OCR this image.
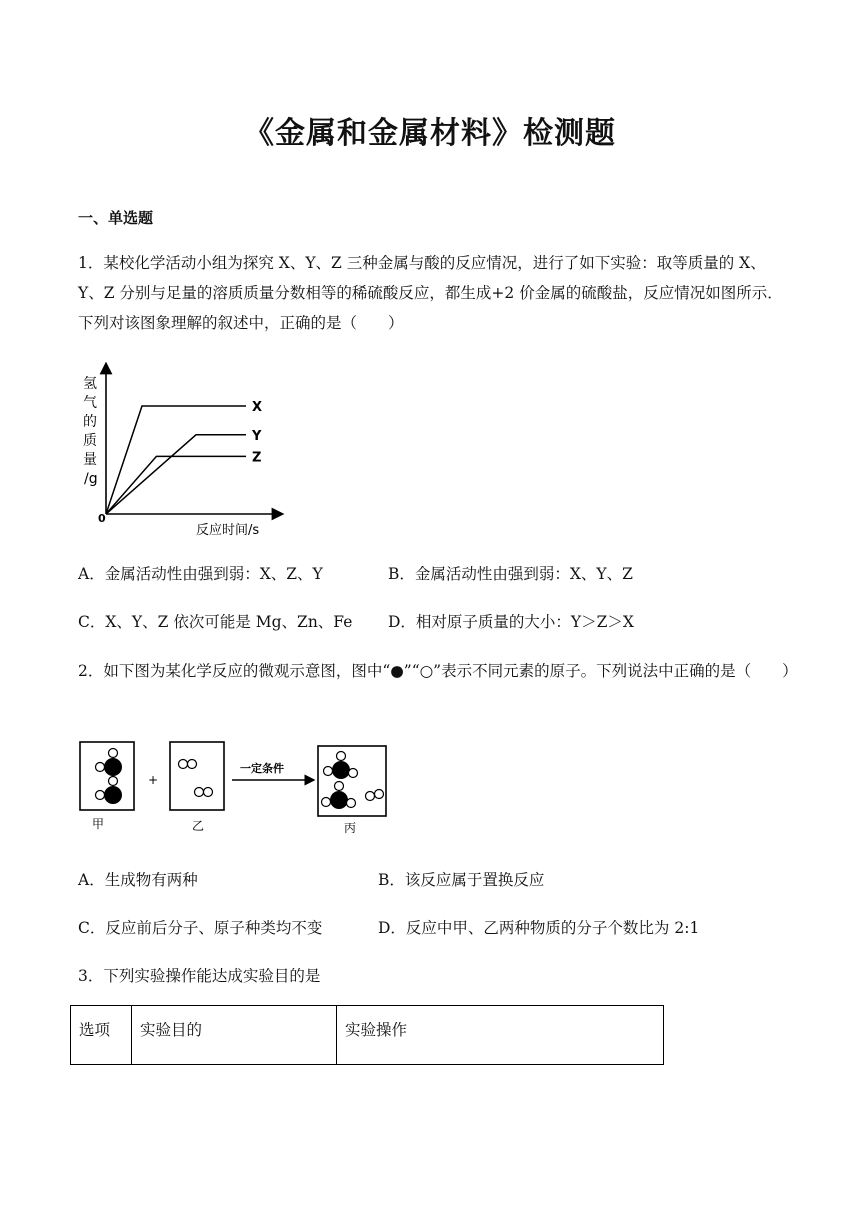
《金属和金属材料》检测题
一、单选题
1．某校化学活动小组为探究 X、Y、Z 三种金属与酸的反应情况，进行了如下实验：取等质量的 X、Y、Z 分别与足量的溶质质量分数相等的稀硫酸反应，都生成+2 价金属的硫酸盐，反应情况如图所示．下列对该图象理解的叙述中，正确的是（　　）
氢
气
的
质
量
/g
0
反应时间/s
X
Y
Z
A．金属活动性由强到弱：X、Z、Y	B．金属活动性由强到弱：X、Y、Z
C．X、Y、Z 依次可能是 Mg、Zn、Fe D．相对原子质量的大小：Y＞Z＞X
2．如下图为某化学反应的微观示意图，图中“●”“○”表示不同元素的原子。下列说法中正确的是（　　）
甲
+
乙
一定条件
丙
A．生成物有两种	B．该反应属于置换反应
C．反应前后分子、原子种类均不变	D．反应中甲、乙两种物质的分子个数比为 2:1
3．下列实验操作能达成实验目的是
选项	实验目的	实验操作
